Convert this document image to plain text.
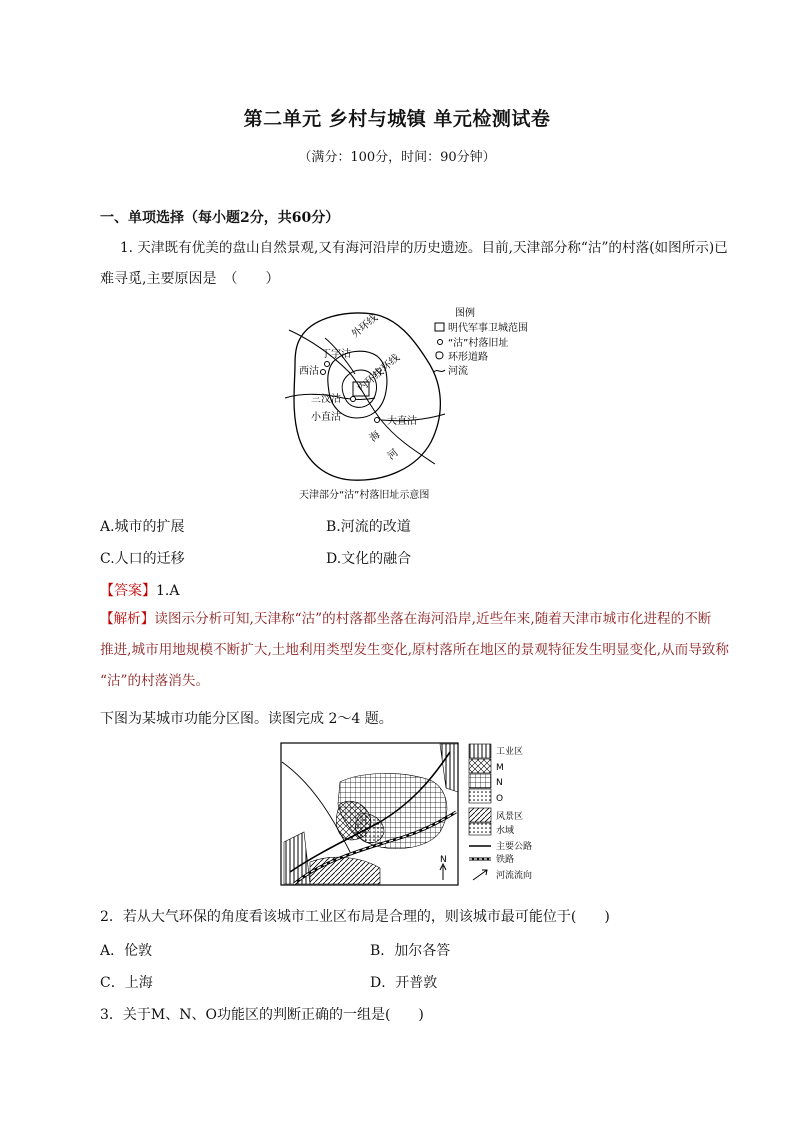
第二单元 乡村与城镇 单元检测试卷
（满分：100分，时间：90分钟）
一、单项选择（每小题2分，共60分）
1. 天津既有优美的盘山自然景观,又有海河沿岸的历史遗迹。目前,天津部分称“沽”的村落(如图所示)已
难寻觅,主要原因是　（　　）
外环线
丁字沽
西沽	中环线
内环线
三汊沽
小直沽	大直沽
海
河
图例
明代军事卫城范围
“沽”村落旧址
环形道路
河流
天津部分“沽”村落旧址示意图
A.城市的扩展	B.河流的改道
C.人口的迁移	D.文化的融合
【答案】1.A
【解析】读图示分析可知,天津称“沽”的村落都坐落在海河沿岸,近些年来,随着天津市城市化进程的不断
推进,城市用地规模不断扩大,土地利用类型发生变化,原村落所在地区的景观特征发生明显变化,从而导致称
“沽”的村落消失。
下图为某城市功能分区图。读图完成 2～4 题。
N
工业区
M
N
O
风景区
水域
主要公路
铁路
河流流向
2．若从大气环保的角度看该城市工业区布局是合理的，则该城市最可能位于(　　)
A．伦敦	B．加尔各答
C．上海	D．开普敦
3．关于M、N、O功能区的判断正确的一组是(　　)
